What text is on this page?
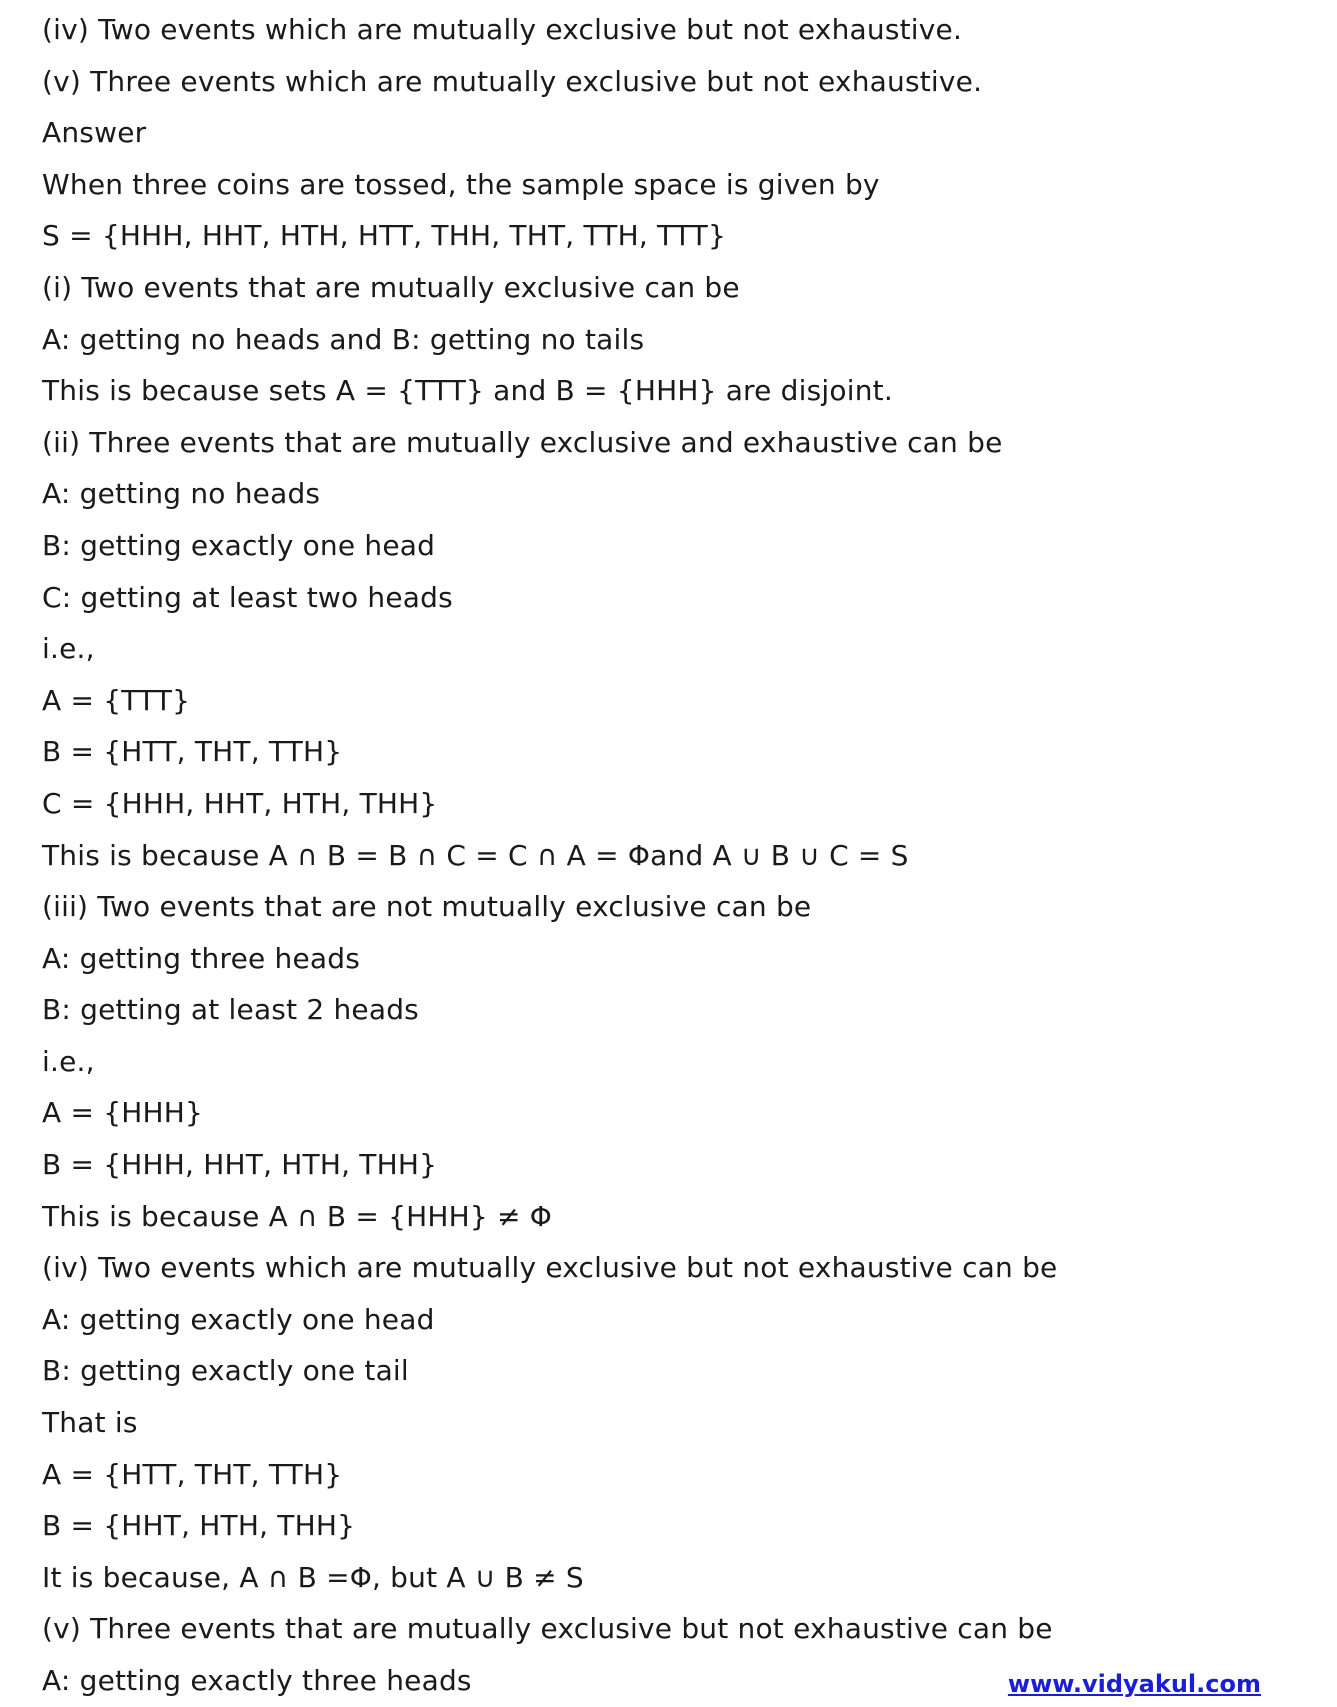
(iv) Two events which are mutually exclusive but not exhaustive.
(v) Three events which are mutually exclusive but not exhaustive.
Answer
When three coins are tossed, the sample space is given by
S = {HHH, HHT, HTH, HTT, THH, THT, TTH, TTT}
(i) Two events that are mutually exclusive can be
A: getting no heads and B: getting no tails
This is because sets A = {TTT} and B = {HHH} are disjoint.
(ii) Three events that are mutually exclusive and exhaustive can be
A: getting no heads
B: getting exactly one head
C: getting at least two heads
i.e.,
A = {TTT}
B = {HTT, THT, TTH}
C = {HHH, HHT, HTH, THH}
This is because A ∩ B = B ∩ C = C ∩ A = Φand A ∪ B ∪ C = S
(iii) Two events that are not mutually exclusive can be
A: getting three heads
B: getting at least 2 heads
i.e.,
A = {HHH}
B = {HHH, HHT, HTH, THH}
This is because A ∩ B = {HHH} ≠ Φ
(iv) Two events which are mutually exclusive but not exhaustive can be
A: getting exactly one head
B: getting exactly one tail
That is
A = {HTT, THT, TTH}
B = {HHT, HTH, THH}
It is because, A ∩ B =Φ, but A ∪ B ≠ S
(v) Three events that are mutually exclusive but not exhaustive can be
A: getting exactly three heads	www.vidyakul.com
